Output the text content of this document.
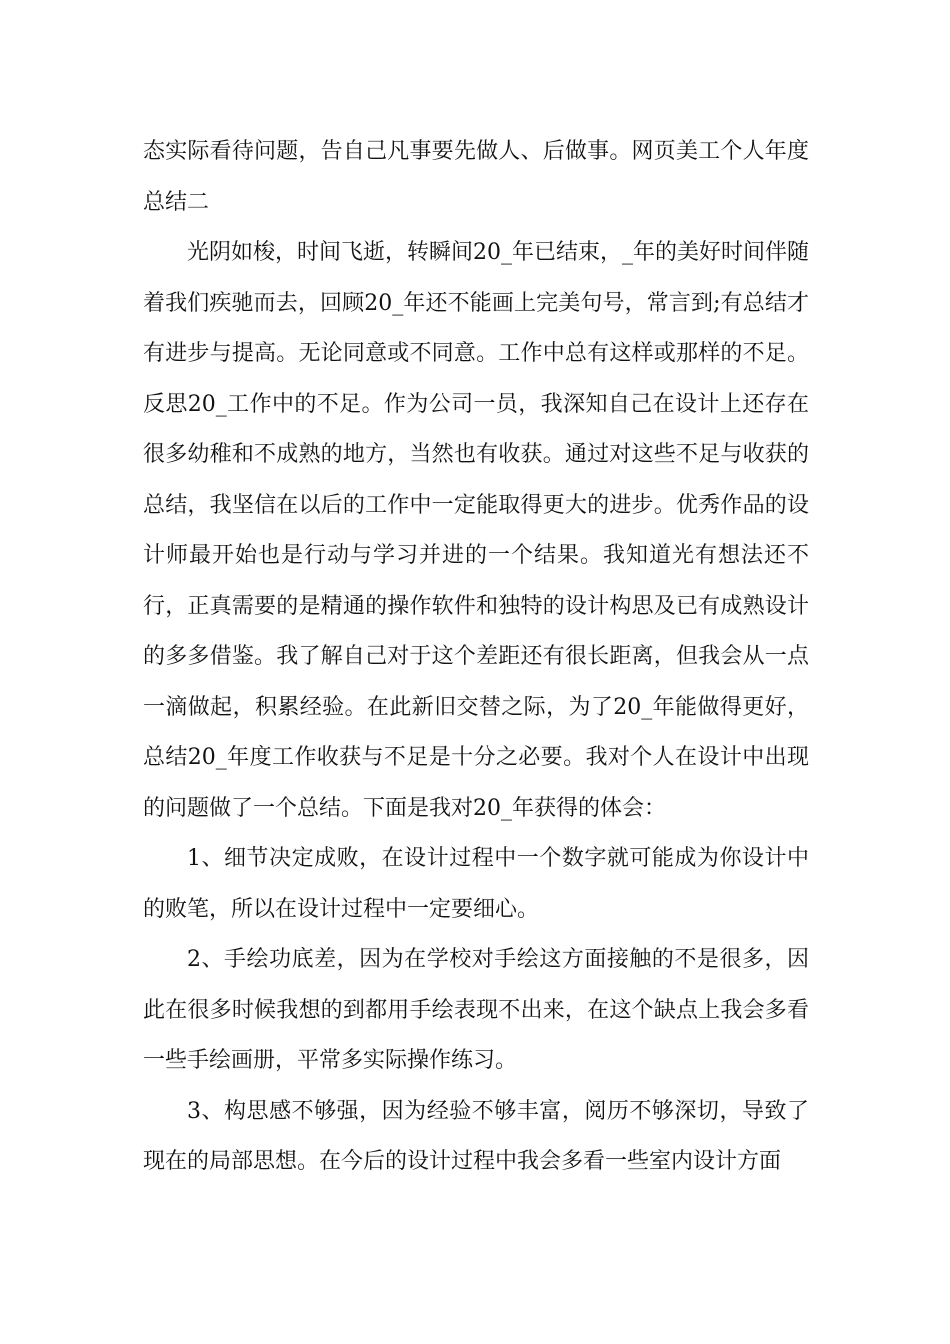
态实际看待问题，告自己凡事要先做人、后做事。网页美工个人年度总结二

光阴如梭，时间飞逝，转瞬间20_年已结束，_年的美好时间伴随着我们疾驰而去，回顾20_年还不能画上完美句号，常言到;有总结才有进步与提高。无论同意或不同意。工作中总有这样或那样的不足。反思20_工作中的不足。作为公司一员，我深知自己在设计上还存在很多幼稚和不成熟的地方，当然也有收获。通过对这些不足与收获的总结，我坚信在以后的工作中一定能取得更大的进步。优秀作品的设计师最开始也是行动与学习并进的一个结果。我知道光有想法还不行，正真需要的是精通的操作软件和独特的设计构思及已有成熟设计的多多借鉴。我了解自己对于这个差距还有很长距离，但我会从一点一滴做起，积累经验。在此新旧交替之际，为了20_年能做得更好，总结20_年度工作收获与不足是十分之必要。我对个人在设计中出现的问题做了一个总结。下面是我对20_年获得的体会：

1、细节决定成败，在设计过程中一个数字就可能成为你设计中的败笔，所以在设计过程中一定要细心。

2、手绘功底差，因为在学校对手绘这方面接触的不是很多，因此在很多时候我想的到都用手绘表现不出来，在这个缺点上我会多看一些手绘画册，平常多实际操作练习。

3、构思感不够强，因为经验不够丰富，阅历不够深切，导致了现在的局部思想。在今后的设计过程中我会多看一些室内设计方面
